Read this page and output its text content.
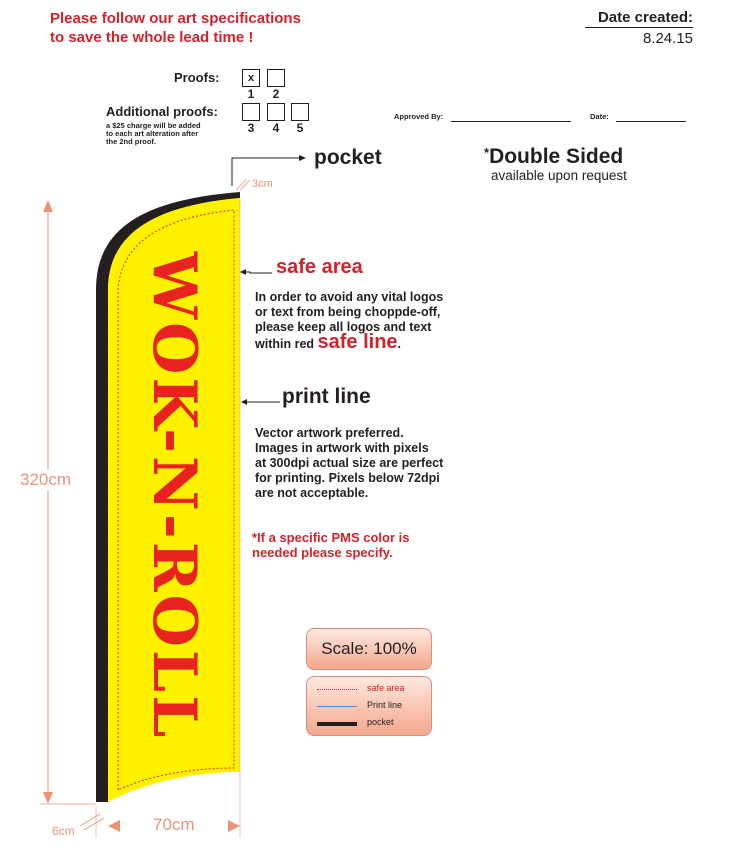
Please follow our art specifications
to save the whole lead time !
Date created:
8.24.15
Proofs:	x
1	2
Additional proofs:
3	4	5
a $25 charge will be added
to each art alteration after
the 2nd proof.
Approved By:	Date:
pocket	*Double Sided
available upon request
WOK-N-ROLL
3cm
320cm
6cm	70cm
safe area
In order to avoid any vital logos
or text from being choppde-off,
please keep all logos and text
within red safe line.
print line
Vector artwork preferred.
Images in artwork with pixels
at 300dpi actual size are perfect
for printing. Pixels below 72dpi
are not acceptable.
*If a specific PMS color is
needed please specify.
Scale: 100%
safe area
Print line
pocket
